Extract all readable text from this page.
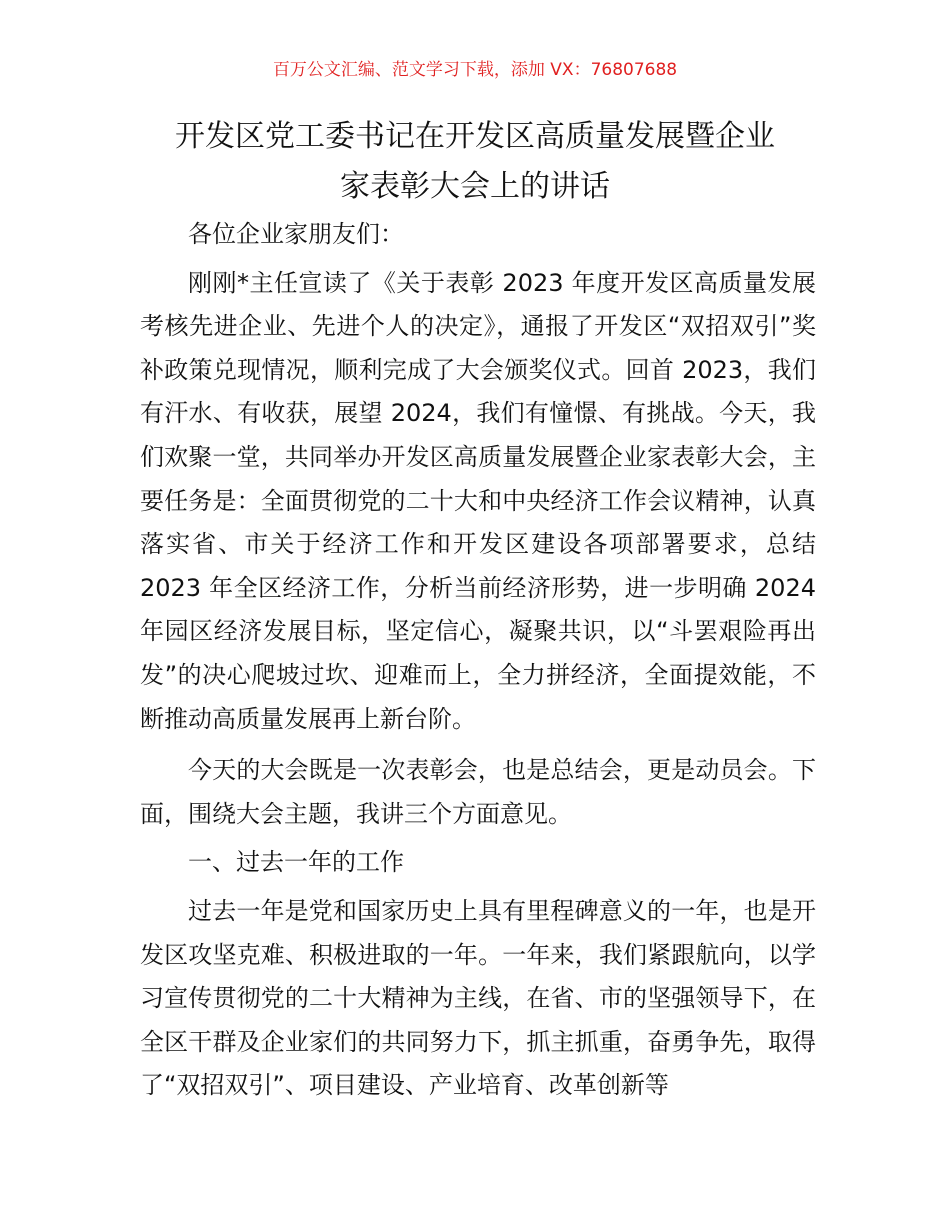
百万公文汇编、范文学习下载，添加 VX：76807688
开发区党工委书记在开发区高质量发展暨企业
家表彰大会上的讲话

各位企业家朋友们：

刚刚*主任宣读了《关于表彰 2023 年度开发区高质量发展考核先进企业、先进个人的决定》，通报了开发区“双招双引”奖补政策兑现情况，顺利完成了大会颁奖仪式。回首 2023，我们有汗水、有收获，展望 2024，我们有憧憬、有挑战。今天，我们欢聚一堂，共同举办开发区高质量发展暨企业家表彰大会，主要任务是：全面贯彻党的二十大和中央经济工作会议精神，认真落实省、市关于经济工作和开发区建设各项部署要求，总结 2023 年全区经济工作，分析当前经济形势，进一步明确 2024 年园区经济发展目标，坚定信心，凝聚共识，以“斗罢艰险再出发”的决心爬坡过坎、迎难而上，全力拼经济，全面提效能，不断推动高质量发展再上新台阶。

今天的大会既是一次表彰会，也是总结会，更是动员会。下面，围绕大会主题，我讲三个方面意见。

一、过去一年的工作

过去一年是党和国家历史上具有里程碑意义的一年，也是开发区攻坚克难、积极进取的一年。一年来，我们紧跟航向，以学习宣传贯彻党的二十大精神为主线，在省、市的坚强领导下，在全区干群及企业家们的共同努力下，抓主抓重，奋勇争先，取得了“双招双引”、项目建设、产业培育、改革创新等
